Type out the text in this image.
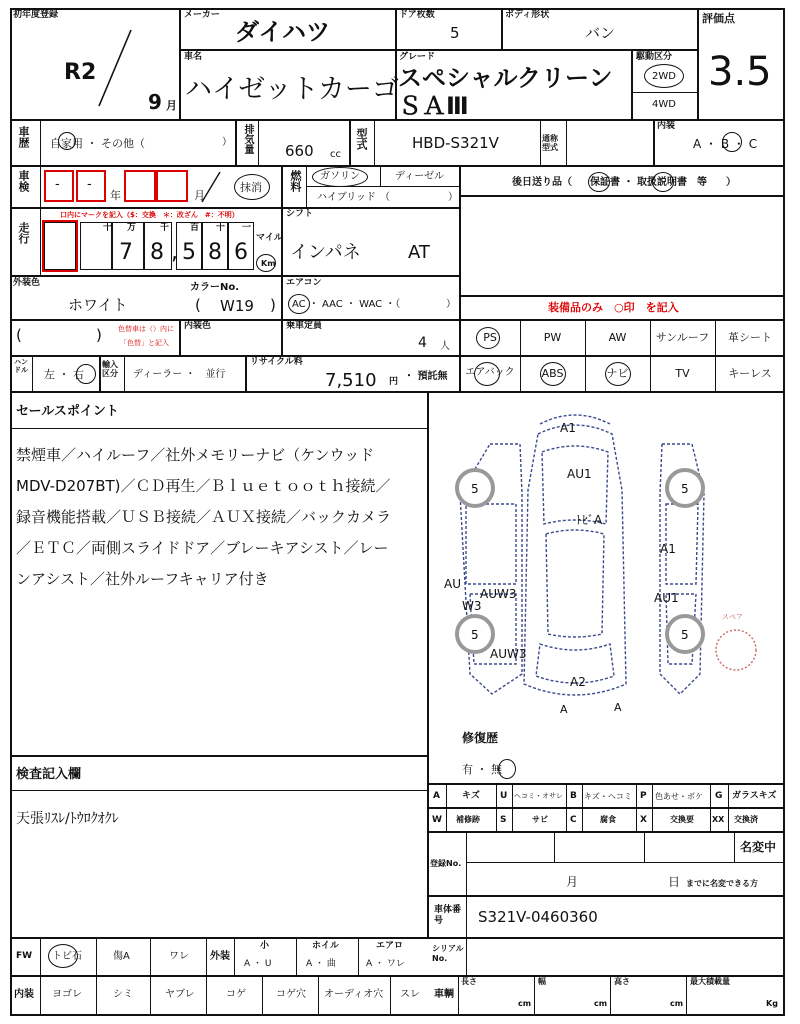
初年度登録
R2
9 月
メーカー
ダイハツ
ドア枚数
5
ボディ形状
バン
評価点
3.5
車名
ハイゼットカーゴ
グレード
スペシャルクリーンＳＡⅢ
駆動区分
2WD
4WD
車歴 自家用 ・ その他（	） 排気量 660 cc
型式	HBD-S321V	通称型式
内装
A ・ B ・ C
車検 - -
年	月
抹消 燃料 ガソリン	ディーゼル
ハイブリッド （	）
後日送り品（ 保証書 ・ 取扱説明書　等 ）
走行
口内にマークを記入（$：交換　＊：改ざん　#：不明）
十 万	千 百 十 一
7 8 , 5 8 6
マイル
Km
シフト
インパネ	AT
外装色
ホワイト
カラーNo.
( W19 )
エアコン
AC ・ AAC ・ WAC ・（	）	装備品のみ　○印　を記入
(	) 色替車は（）内に
「色替」と記入
内装色	乗車定員
4 人
PS	PW	AW	サンルーフ	革シート
エアバック	ABS	ナビ	TV	キーレス
ハンドル 左 ・ 右
輸入区分	ディーラー ・　並行
リサイクル料
7,510 円 ・ 預託無
セールスポイント
禁煙車／ハイルーフ／社外メモリーナビ（ケンウッド
MDV-D207BT)／ＣＤ再生／Ｂｌｕｅｔｏｏｔｈ接続／
録音機能搭載／ＵＳＢ接続／ＡＵＸ接続／バックカメラ
／ＥＴＣ／両側スライドドア／ブレーキアシスト／レー
ンアシスト／社外ルーフキャリア付き
5	5
5	5
スペア
A1
AU1
ﾄﾋﾞA
A1
AU1
AU
AUW3
W3
AUW3
A2
A	A
修復歴
有 ・ 無
検査記入欄
天張ﾘｽﾚ/ﾄｳﾛｸｵｸﾚ
A キズ U ヘコミ・オサレ B キズ・ヘコミ P 色あせ・ボケ G ガラスキズ
W 補修跡 S	サビ C	腐食	X	交換要 XX 交換済
登録No.
名変中
月	日 までに名変できる方
車体番号	S321V-0460360
FW トビ石	傷A	ワレ 外装
小
A ・ U
ホイル
A ・ 曲
エアロ
A ・ ワレ
シリアルNo.
内装 ヨゴレ	シミ	ヤブレ	コゲ	コゲ穴 オーディオ穴 スレ 車輌
長さ
cm
幅
cm
高さ
cm
最大積載量
Kg
